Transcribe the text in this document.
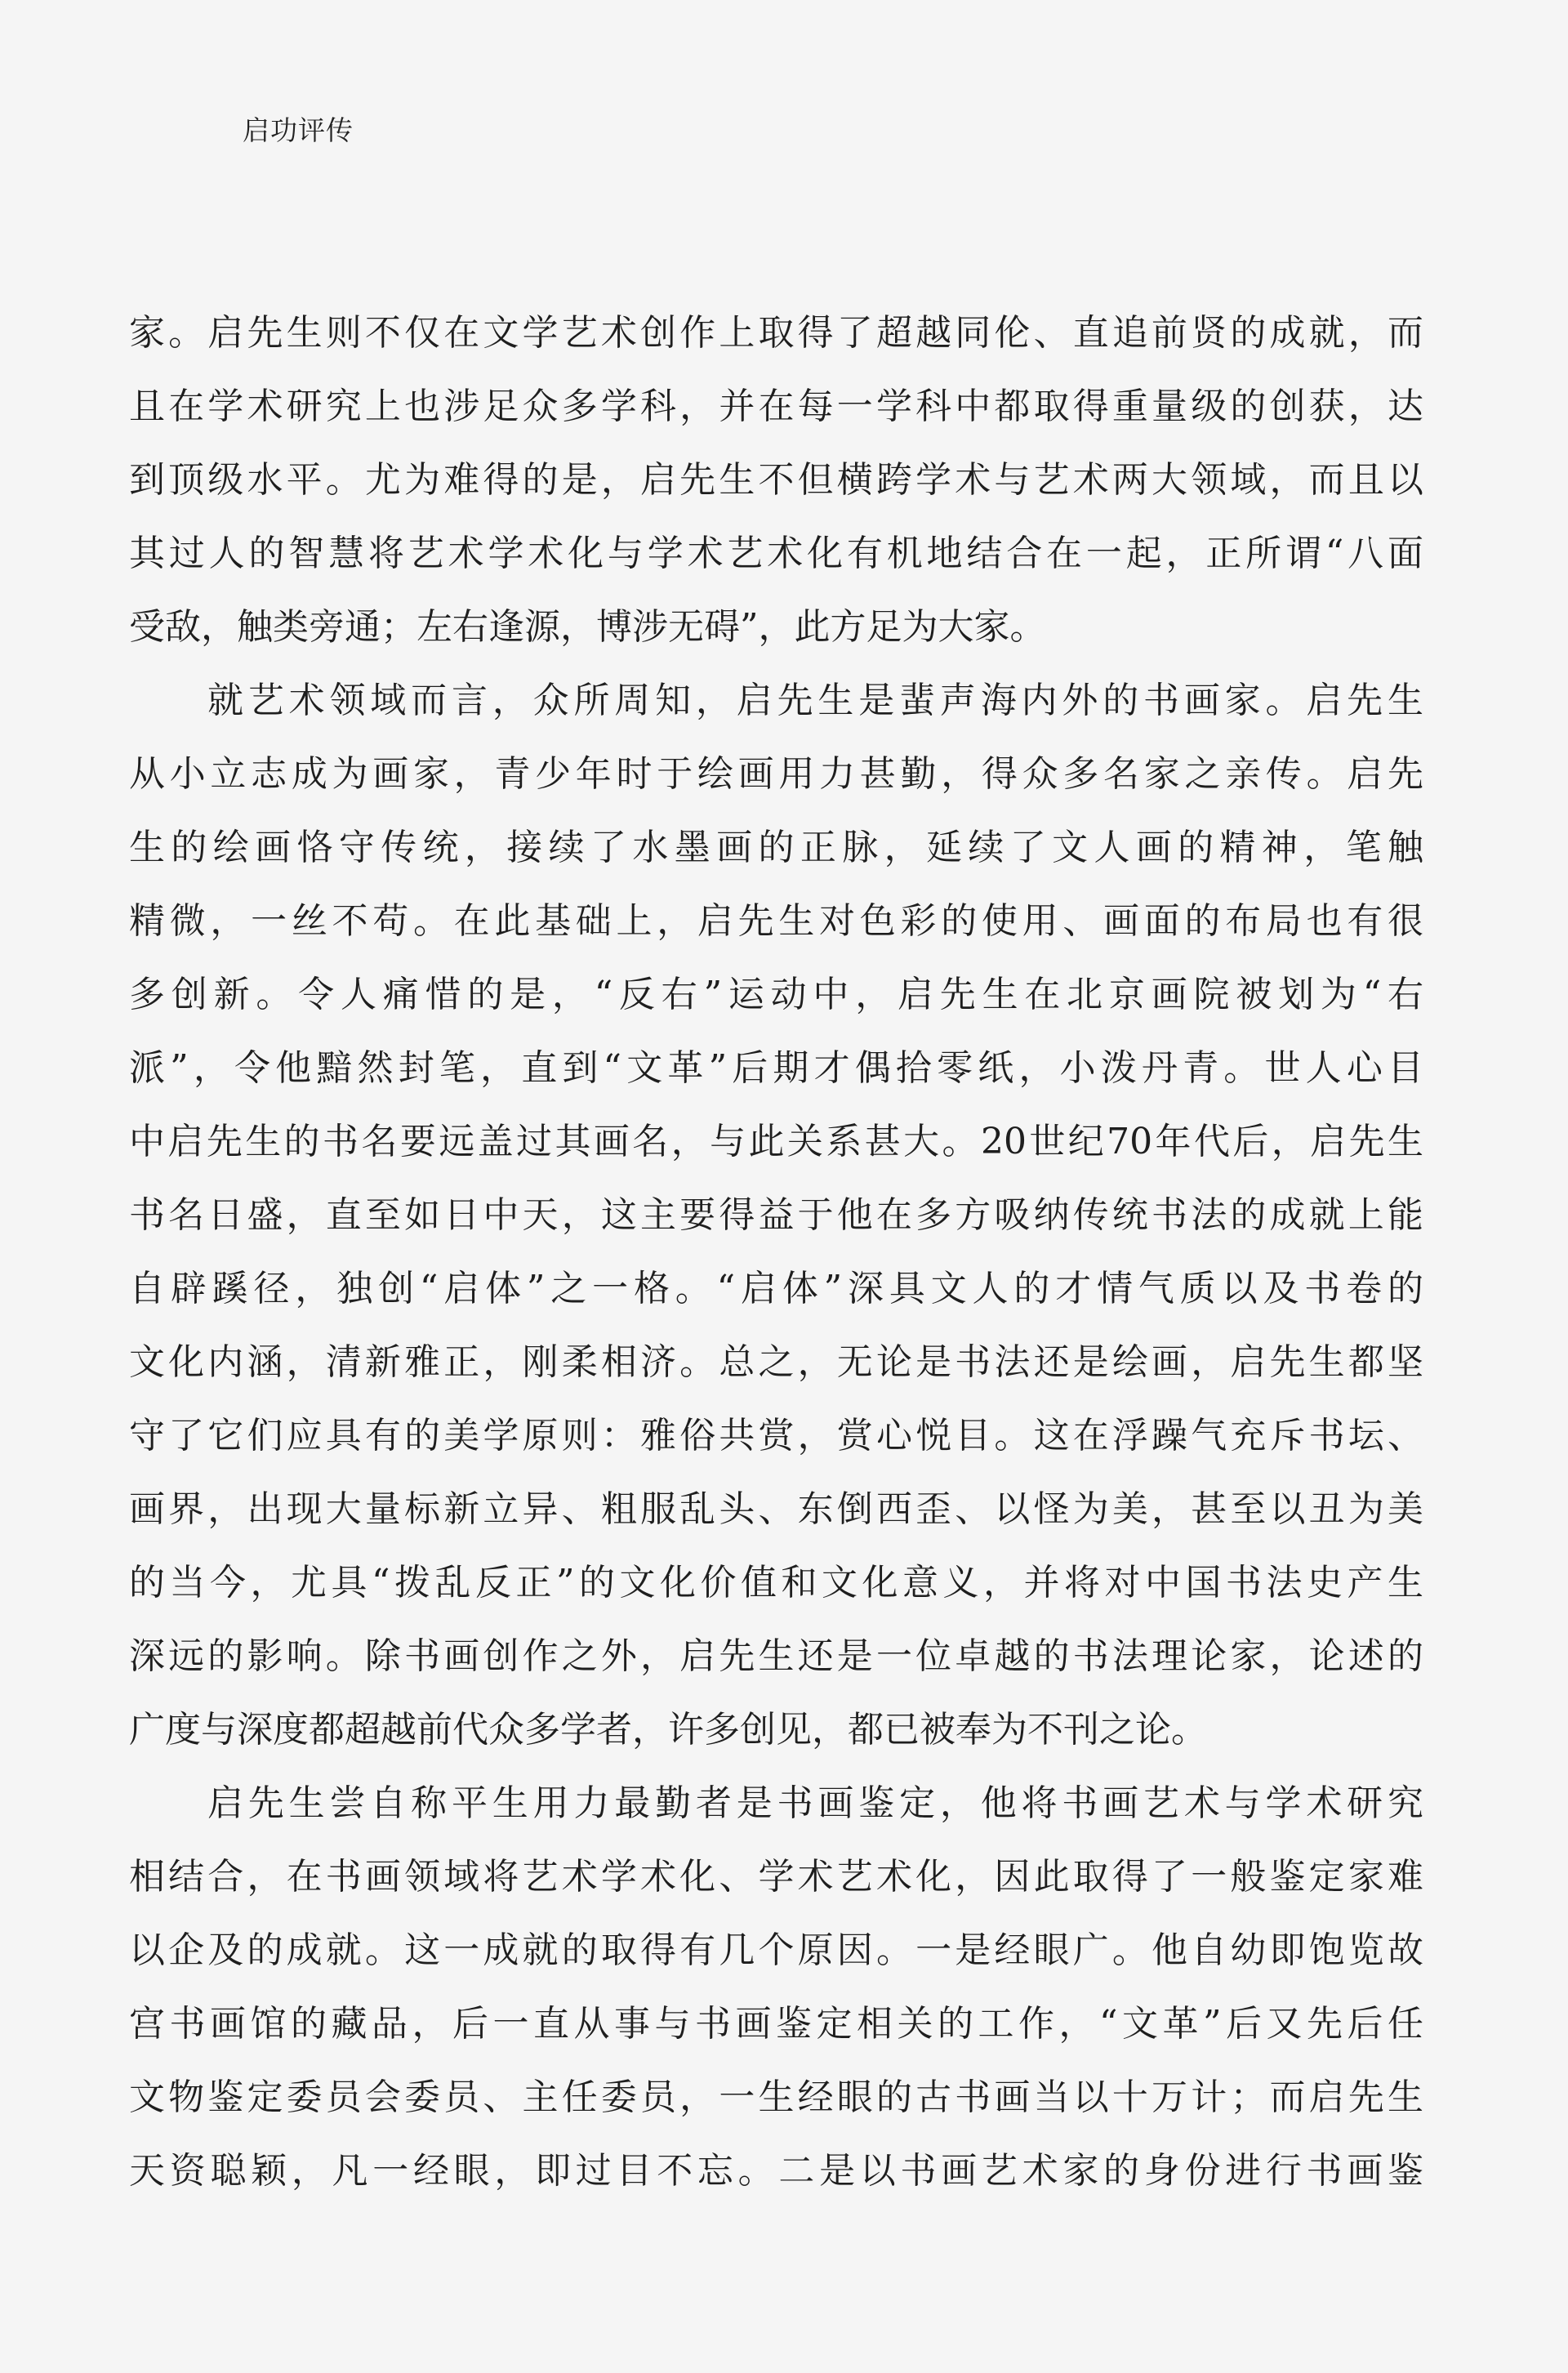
启功评传
家。启先生则不仅在文学艺术创作上取得了超越同伦、直追前贤的成就，而
且在学术研究上也涉足众多学科，并在每一学科中都取得重量级的创获，达
到顶级水平。尤为难得的是，启先生不但横跨学术与艺术两大领域，而且以
其过人的智慧将艺术学术化与学术艺术化有机地结合在一起，正所谓“八面
受敌，触类旁通；左右逢源，博涉无碍”，此方足为大家。
就艺术领域而言，众所周知，启先生是蜚声海内外的书画家。启先生
从小立志成为画家，青少年时于绘画用力甚勤，得众多名家之亲传。启先
生的绘画恪守传统，接续了水墨画的正脉，延续了文人画的精神，笔触
精微，一丝不苟。在此基础上，启先生对色彩的使用、画面的布局也有很
多创新。令人痛惜的是，“反右”运动中，启先生在北京画院被划为“右
派”，令他黯然封笔，直到“文革”后期才偶拾零纸，小泼丹青。世人心目
中启先生的书名要远盖过其画名，与此关系甚大。20世纪70年代后，启先生
书名日盛，直至如日中天，这主要得益于他在多方吸纳传统书法的成就上能
自辟蹊径，独创“启体”之一格。“启体”深具文人的才情气质以及书卷的
文化内涵，清新雅正，刚柔相济。总之，无论是书法还是绘画，启先生都坚
守了它们应具有的美学原则：雅俗共赏，赏心悦目。这在浮躁气充斥书坛、
画界，出现大量标新立异、粗服乱头、东倒西歪、以怪为美，甚至以丑为美
的当今，尤具“拨乱反正”的文化价值和文化意义，并将对中国书法史产生
深远的影响。除书画创作之外，启先生还是一位卓越的书法理论家，论述的
广度与深度都超越前代众多学者，许多创见，都已被奉为不刊之论。
启先生尝自称平生用力最勤者是书画鉴定，他将书画艺术与学术研究
相结合，在书画领域将艺术学术化、学术艺术化，因此取得了一般鉴定家难
以企及的成就。这一成就的取得有几个原因。一是经眼广。他自幼即饱览故
宫书画馆的藏品，后一直从事与书画鉴定相关的工作，“文革”后又先后任
文物鉴定委员会委员、主任委员，一生经眼的古书画当以十万计；而启先生
天资聪颖，凡一经眼，即过目不忘。二是以书画艺术家的身份进行书画鉴
